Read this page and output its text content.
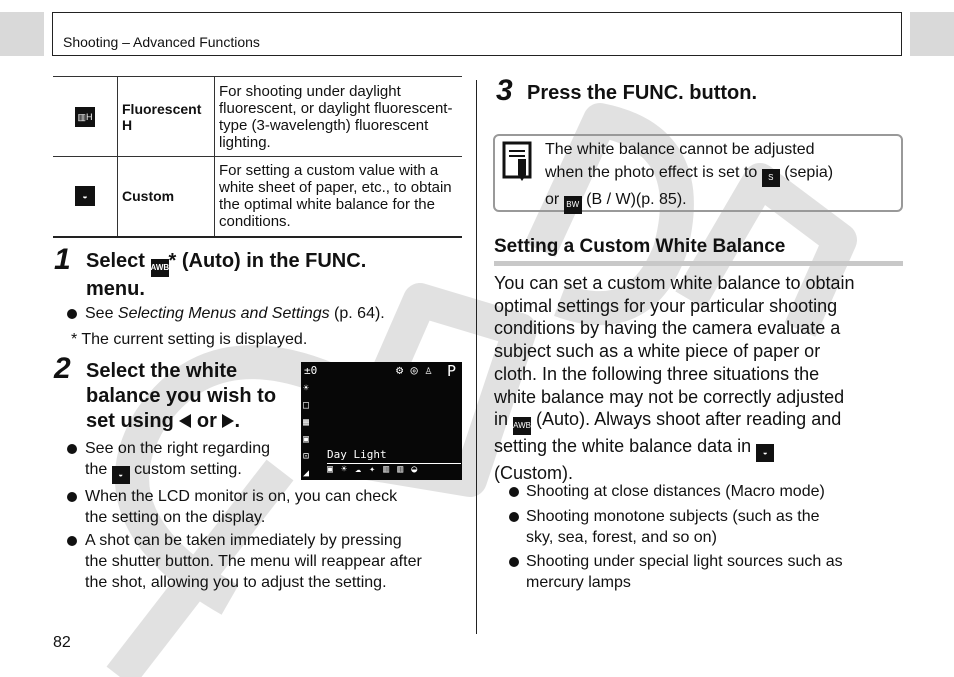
Shooting – Advanced Functions
▥H	Fluorescent H	For shooting under daylight fluorescent, or daylight fluorescent-type (3-wavelength) fluorescent lighting.
◒	Custom	For setting a custom value with a white sheet of paper, etc., to obtain the optimal white balance for the conditions.
1 Select AWB* (Auto) in the FUNC.
menu.
See Selecting Menus and Settings (p. 64).
* The current setting is displayed.
2 Select the white
balance you wish to
set using or .
See on the right regarding
the ◒ custom setting.
When the LCD monitor is on, you can check
the setting on the display.
A shot can be taken immediately by pressing
the shutter button. The menu will reappear after
the shot, allowing you to adjust the setting.
±0	⚙ ◎ ♙ P
☀
□
▦
▣
⊡
◢
Day Light
▣ ☀ ☁ ✦ ▥ ▥ ◒
3 Press the FUNC. button.
The white balance cannot be adjusted
when the photo effect is set to S (sepia)
or BW (B / W)(p. 85).
Setting a Custom White Balance
You can set a custom white balance to obtain
optimal settings for your particular shooting
conditions by having the camera evaluate a
subject such as a white piece of paper or
cloth. In the following three situations the
white balance may not be correctly adjusted
in AWB (Auto). Always shoot after reading and
setting the white balance data in ◒
(Custom).
Shooting at close distances (Macro mode)
Shooting monotone subjects (such as the
sky, sea, forest, and so on)
Shooting under special light sources such as
mercury lamps
82
